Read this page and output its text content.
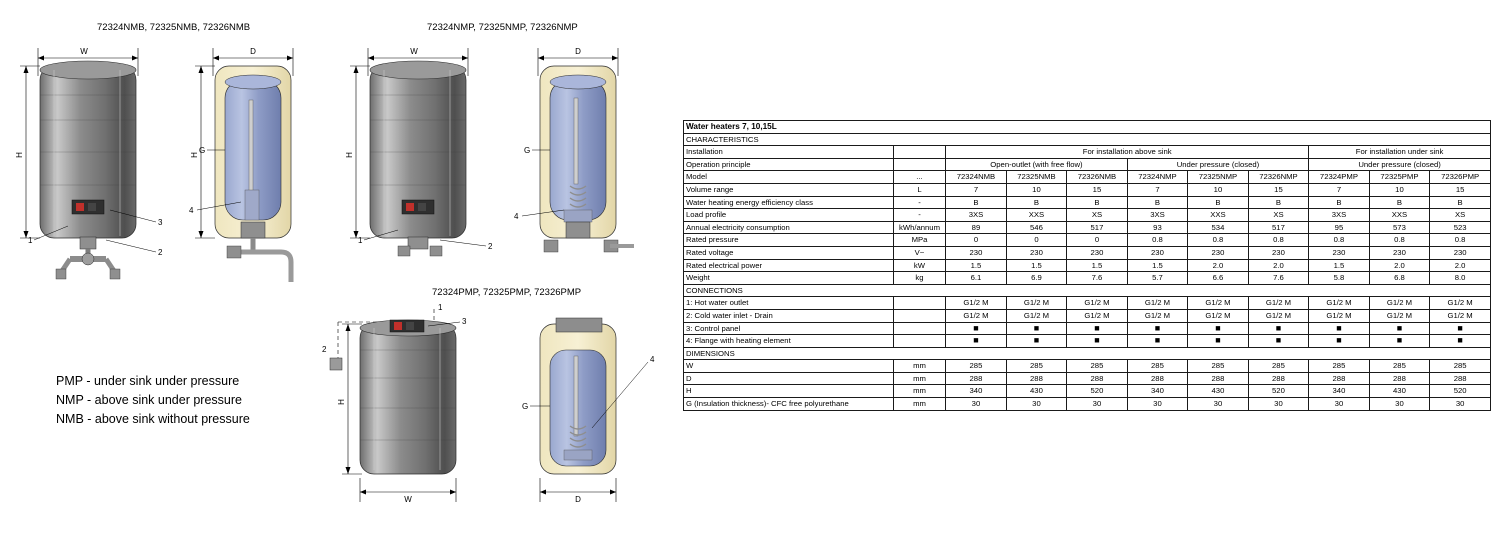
72324NMB, 72325NMB, 72326NMB	72324NMP, 72325NMP, 72326NMP
72324PMP, 72325PMP, 72326PMP
W
H
1
2
3
D
H G
4
W
H
1
2
D
G
4
1
2
3
H
W
4
G
D
PMP - under sink under pressure
NMP - above sink under pressure
NMB - above sink without pressure
Water heaters 7, 10,15L										
CHARACTERISTICS										
Installation		For installation above sink						For installation under sink		
Operation principle		Open-outlet (with free flow)			Under pressure (closed)			Under pressure (closed)		
Model	...	72324NMB	72325NMB	72326NMB	72324NMP	72325NMP	72326NMP	72324PMP	72325PMP	72326PMP
Volume range	L	7	10	15	7	10	15	7	10	15
Water heating energy efficiency class	-	B	B	B	B	B	B	B	B	B
Load profile	-	3XS	XXS	XS	3XS	XXS	XS	3XS	XXS	XS
Annual electricity consumption	kWh/annum	89	546	517	93	534	517	95	573	523
Rated pressure	MPa	0	0	0	0.8	0.8	0.8	0.8	0.8	0.8
Rated voltage	V~	230	230	230	230	230	230	230	230	230
Rated electrical power	kW	1.5	1.5	1.5	1.5	2.0	2.0	1.5	2.0	2.0
Weight	kg	6.1	6.9	7.6	5.7	6.6	7.6	5.8	6.8	8.0
CONNECTIONS										
1: Hot water outlet		G1/2 M	G1/2 M	G1/2 M	G1/2 M	G1/2 M	G1/2 M	G1/2 M	G1/2 M	G1/2 M
2: Cold water inlet - Drain		G1/2 M	G1/2 M	G1/2 M	G1/2 M	G1/2 M	G1/2 M	G1/2 M	G1/2 M	G1/2 M
3: Control panel		■	■	■	■	■	■	■	■	■
4: Flange with heating element		■	■	■	■	■	■	■	■	■
DIMENSIONS										
W	mm	285	285	285	285	285	285	285	285	285
D	mm	288	288	288	288	288	288	288	288	288
H	mm	340	430	520	340	430	520	340	430	520
G (Insulation thickness)- CFC free polyurethane	mm	30	30	30	30	30	30	30	30	30
